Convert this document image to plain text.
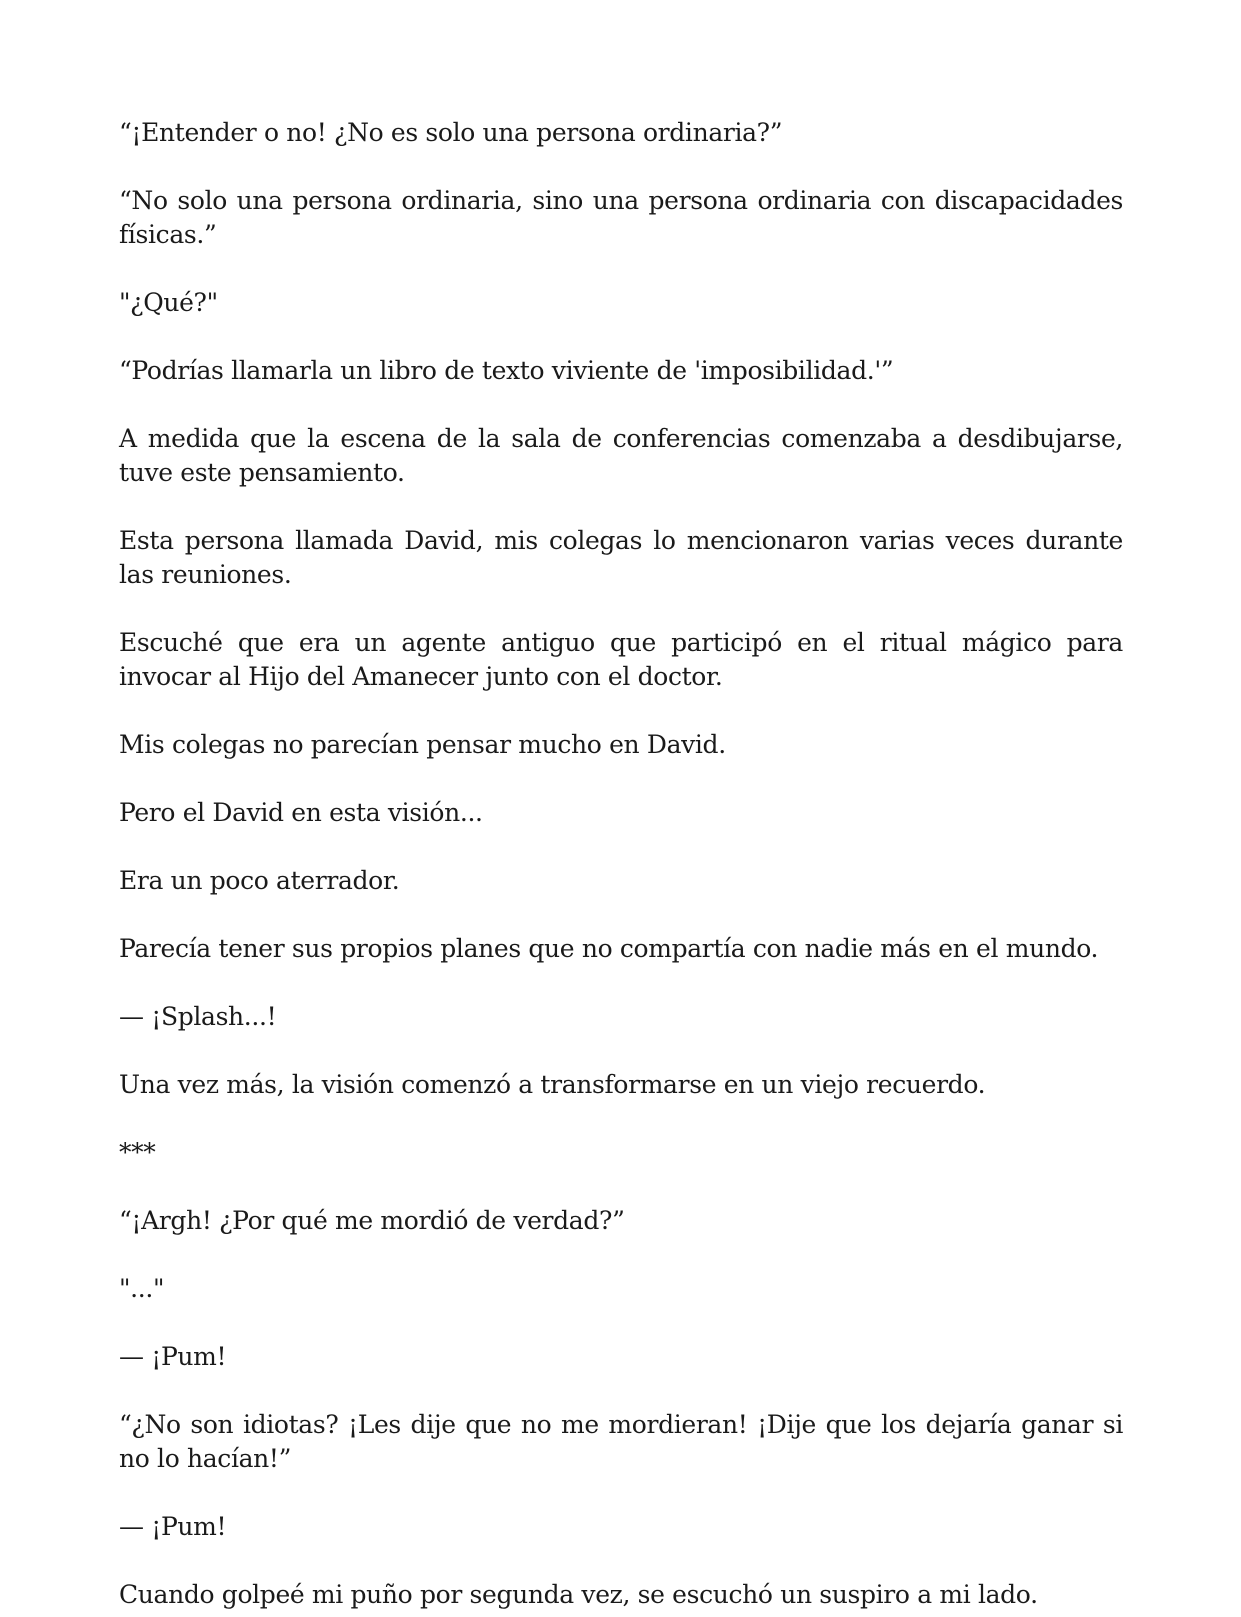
“¡Entender o no! ¿No es solo una persona ordinaria?”

“No solo una persona ordinaria, sino una persona ordinaria con discapacidades físicas.”

"¿Qué?"

“Podrías llamarla un libro de texto viviente de 'imposibilidad.'”

A medida que la escena de la sala de conferencias comenzaba a desdibujarse, tuve este pensamiento.

Esta persona llamada David, mis colegas lo mencionaron varias veces durante las reuniones.

Escuché que era un agente antiguo que participó en el ritual mágico para invocar al Hijo del Amanecer junto con el doctor.

Mis colegas no parecían pensar mucho en David.

Pero el David en esta visión...

Era un poco aterrador.

Parecía tener sus propios planes que no compartía con nadie más en el mundo.

— ¡Splash...!

Una vez más, la visión comenzó a transformarse en un viejo recuerdo.

***

“¡Argh! ¿Por qué me mordió de verdad?”

"..."

— ¡Pum!

“¿No son idiotas? ¡Les dije que no me mordieran! ¡Dije que los dejaría ganar si no lo hacían!”

— ¡Pum!

Cuando golpeé mi puño por segunda vez, se escuchó un suspiro a mi lado.
